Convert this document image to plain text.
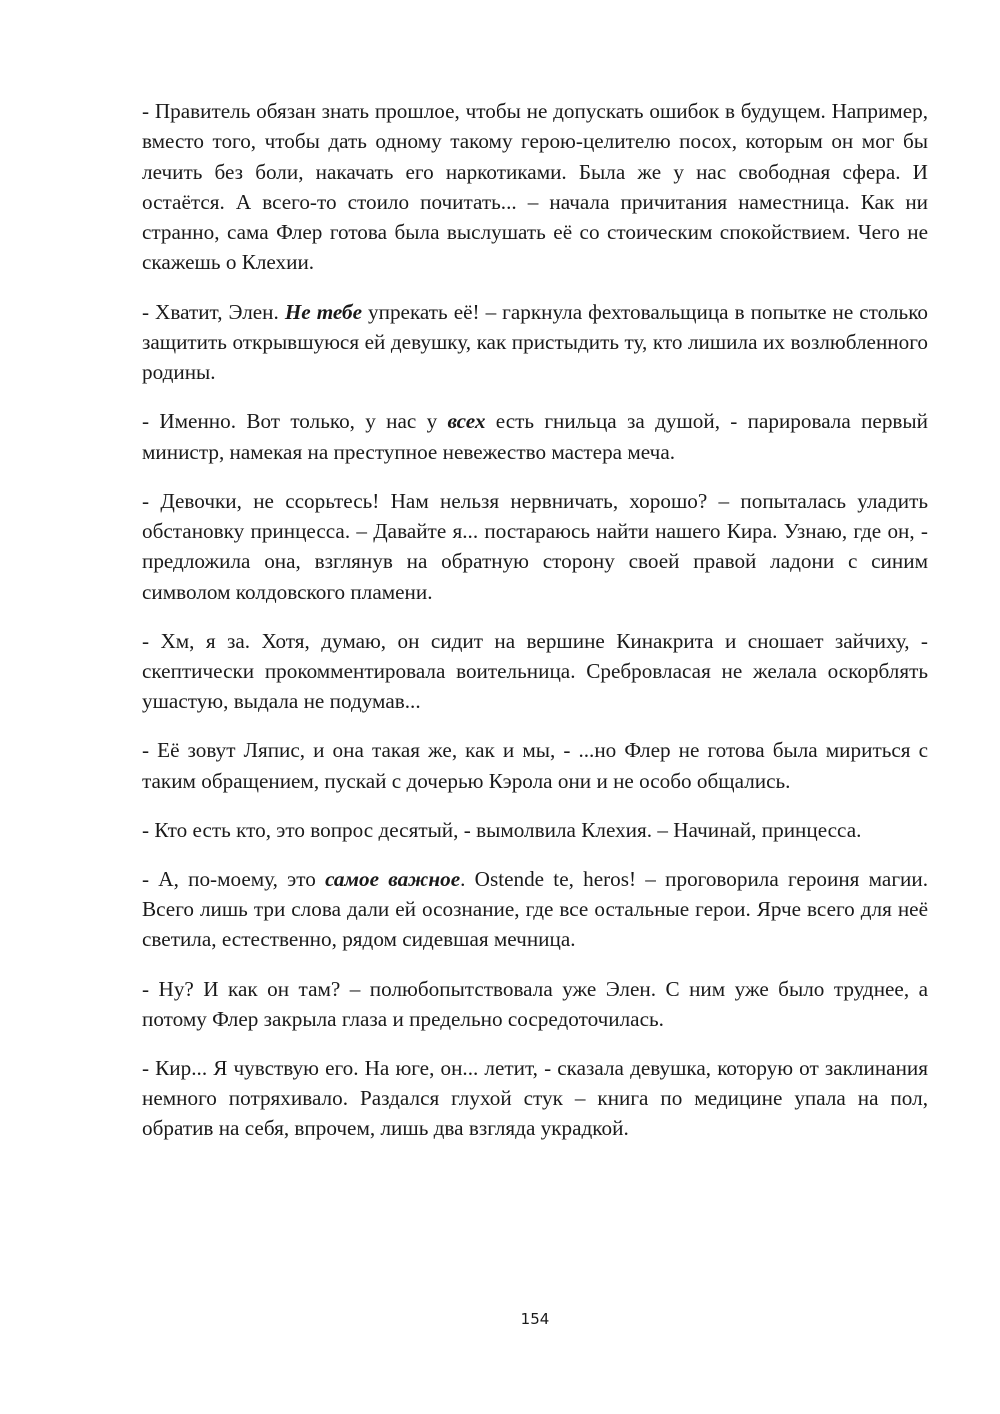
- Правитель обязан знать прошлое, чтобы не допускать ошибок в будущем. Например, вместо того, чтобы дать одному такому герою-целителю посох, которым он мог бы лечить без боли, накачать его наркотиками. Была же у нас свободная сфера. И остаётся. А всего-то стоило почитать... – начала причитания наместница. Как ни странно, сама Флер готова была выслушать её со стоическим спокойствием. Чего не скажешь о Клехии.

- Хватит, Элен. Не тебе упрекать её! – гаркнула фехтовальщица в попытке не столько защитить открывшуюся ей девушку, как пристыдить ту, кто лишила их возлюбленного родины.

- Именно. Вот только, у нас у всех есть гнильца за душой, - парировала первый министр, намекая на преступное невежество мастера меча.

- Девочки, не ссорьтесь! Нам нельзя нервничать, хорошо? – попыталась уладить обстановку принцесса. – Давайте я... постараюсь найти нашего Кира. Узнаю, где он, - предложила она, взглянув на обратную сторону своей правой ладони с синим символом колдовского пламени.

- Хм, я за. Хотя, думаю, он сидит на вершине Кинакрита и сношает зайчиху, - скептически прокомментировала воительница. Сребровласая не желала оскорблять ушастую, выдала не подумав...

- Её зовут Ляпис, и она такая же, как и мы, - ...но Флер не готова была мириться с таким обращением, пускай с дочерью Кэрола они и не особо общались.

- Кто есть кто, это вопрос десятый, - вымолвила Клехия. – Начинай, принцесса.

- А, по-моему, это самое важное. Ostende te, heros! – проговорила героиня магии. Всего лишь три слова дали ей осознание, где все остальные герои. Ярче всего для неё светила, естественно, рядом сидевшая мечница.

- Ну? И как он там? – полюбопытствовала уже Элен. С ним уже было труднее, а потому Флер закрыла глаза и предельно сосредоточилась.

- Кир... Я чувствую его. На юге, он... летит, - сказала девушка, которую от заклинания немного потряхивало. Раздался глухой стук – книга по медицине упала на пол, обратив на себя, впрочем, лишь два взгляда украдкой.

154
